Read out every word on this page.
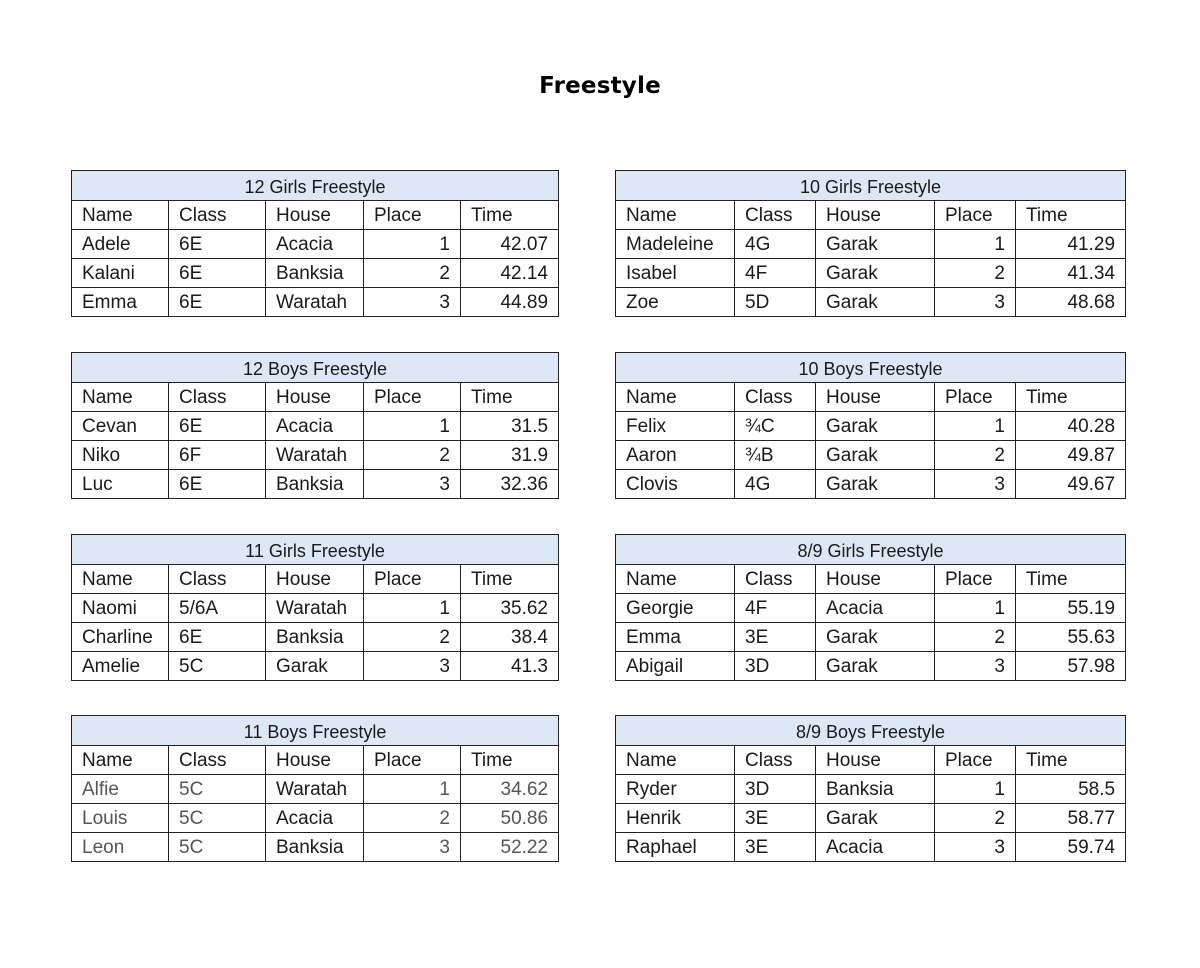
Freestyle
12 Girls Freestyle				
Name	Class	House	Place	Time
Adele	6E	Acacia	1	42.07
Kalani	6E	Banksia	2	42.14
Emma	6E	Waratah	3	44.89
10 Girls Freestyle				
Name	Class	House	Place	Time
Madeleine	4G	Garak	1	41.29
Isabel	4F	Garak	2	41.34
Zoe	5D	Garak	3	48.68
12 Boys Freestyle				
Name	Class	House	Place	Time
Cevan	6E	Acacia	1	31.5
Niko	6F	Waratah	2	31.9
Luc	6E	Banksia	3	32.36
10 Boys Freestyle				
Name	Class	House	Place	Time
Felix	¾C	Garak	1	40.28
Aaron	¾B	Garak	2	49.87
Clovis	4G	Garak	3	49.67
11 Girls Freestyle				
Name	Class	House	Place	Time
Naomi	5/6A	Waratah	1	35.62
Charline	6E	Banksia	2	38.4
Amelie	5C	Garak	3	41.3
8/9 Girls Freestyle				
Name	Class	House	Place	Time
Georgie	4F	Acacia	1	55.19
Emma	3E	Garak	2	55.63
Abigail	3D	Garak	3	57.98
11 Boys Freestyle				
Name	Class	House	Place	Time
Alfie	5C	Waratah	1	34.62
Louis	5C	Acacia	2	50.86
Leon	5C	Banksia	3	52.22
8/9 Boys Freestyle				
Name	Class	House	Place	Time
Ryder	3D	Banksia	1	58.5
Henrik	3E	Garak	2	58.77
Raphael	3E	Acacia	3	59.74
